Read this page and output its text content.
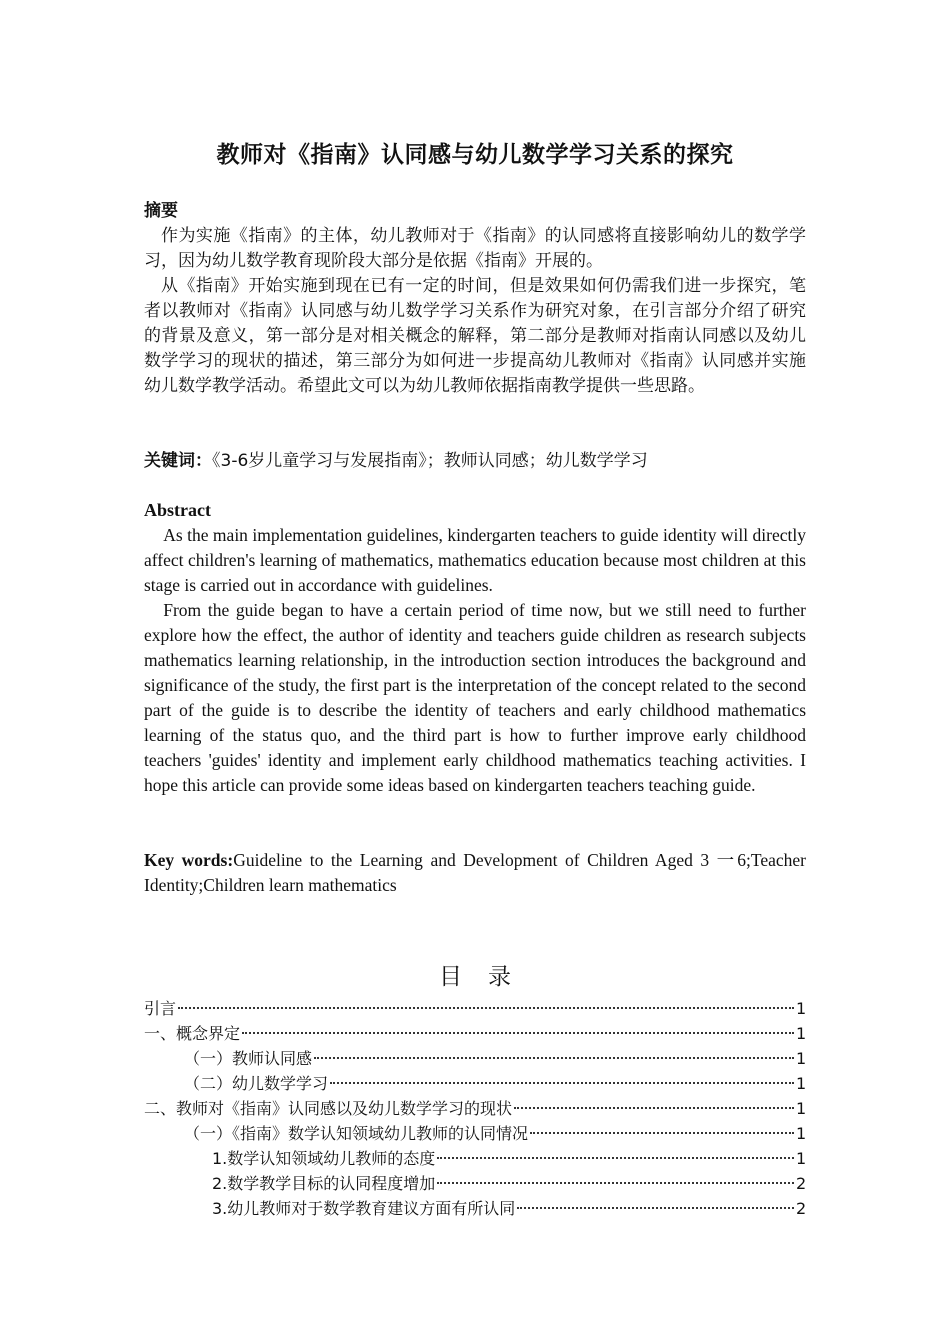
教师对《指南》认同感与幼儿数学学习关系的探究
摘要

作为实施《指南》的主体，幼儿教师对于《指南》的认同感将直接影响幼儿的数学学习，因为幼儿数学教育现阶段大部分是依据《指南》开展的。

从《指南》开始实施到现在已有一定的时间，但是效果如何仍需我们进一步探究，笔者以教师对《指南》认同感与幼儿数学学习关系作为研究对象，在引言部分介绍了研究的背景及意义，第一部分是对相关概念的解释，第二部分是教师对指南认同感以及幼儿数学学习的现状的描述，第三部分为如何进一步提高幼儿教师对《指南》认同感并实施幼儿数学教学活动。希望此文可以为幼儿教师依据指南教学提供一些思路。

关键词：《3-6岁儿童学习与发展指南》；教师认同感；幼儿数学学习
Abstract

As the main implementation guidelines, kindergarten teachers to guide identity will directly affect children's learning of mathematics, mathematics education because most children at this stage is carried out in accordance with guidelines.

From the guide began to have a certain period of time now, but we still need to further explore how the effect, the author of identity and teachers guide children as research subjects mathematics learning relationship, in the introduction section introduces the background and significance of the study, the first part is the interpretation of the concept related to the second part of the guide is to describe the identity of teachers and early childhood mathematics learning of the status quo, and the third part is how to further improve early childhood teachers 'guides' identity and implement early childhood mathematics teaching activities. I hope this article can provide some ideas based on kindergarten teachers teaching guide.

Key words:Guideline to the Learning and Development of Children Aged 3 一6;Teacher Identity;Children learn mathematics
目录
引言	1
一、概念界定	1
（一）教师认同感	1
（二）幼儿数学学习	1
二、教师对《指南》认同感以及幼儿数学学习的现状	1
（一）《指南》数学认知领域幼儿教师的认同情况	1
1.数学认知领域幼儿教师的态度	1
2.数学教学目标的认同程度增加	2
3.幼儿教师对于数学教育建议方面有所认同	2
